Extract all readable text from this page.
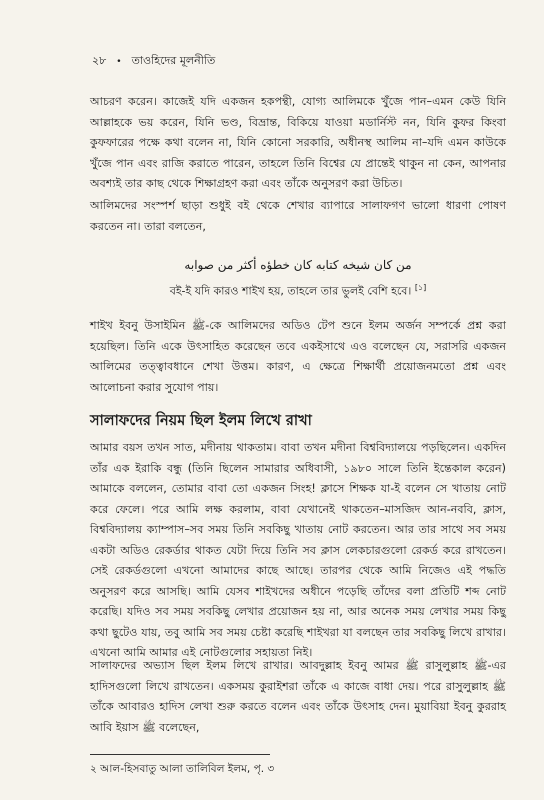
২৮ • তাওহিদের মূলনীতি

আচরণ করেন। কাজেই যদি একজন হকপন্থী, যোগ্য আলিমকে খুঁজে পান–এমন কেউ যিনি আল্লাহকে ভয় করেন, যিনি ভণ্ড, বিভ্রান্ত, বিকিয়ে যাওয়া মডার্নিস্ট নন, যিনি কুফর কিংবা কুফফারের পক্ষে কথা বলেন না, যিনি কোনো সরকারি, অধীনস্থ আলিম না–যদি এমন কাউকে খুঁজে পান এবং রাজি করাতে পারেন, তাহলে তিনি বিশ্বের যে প্রান্তেই থাকুন না কেন, আপনার অবশ্যই তার কাছ থেকে শিক্ষাগ্রহণ করা এবং তাঁকে অনুসরণ করা উচিত।

আলিমদের সংস্পর্শ ছাড়া শুধুই বই থেকে শেখার ব্যাপারে সালাফগণ ভালো ধারণা পোষণ করতেন না। তারা বলতেন,

من كان شيخه كتابه كان خطؤه أكثر من صوابه
বই-ই যদি কারও শাইখ হয়, তাহলে তার ভুলই বেশি হবে। [১]

শাইখ ইবনু উসাইমিন ﷺ-কে আলিমদের অডিও টেপ শুনে ইলম অর্জন সম্পর্কে প্রশ্ন করা হয়েছিল। তিনি একে উৎসাহিত করেছেন তবে একইসাথে এও বলেছেন যে, সরাসরি একজন আলিমের তত্ত্বাবধানে শেখা উত্তম। কারণ, এ ক্ষেত্রে শিক্ষার্থী প্রয়োজনমতো প্রশ্ন এবং আলোচনা করার সুযোগ পায়।

সালাফদের নিয়ম ছিল ইলম লিখে রাখা

আমার বয়স তখন সাত, মদীনায় থাকতাম। বাবা তখন মদীনা বিশ্ববিদ্যালয়ে পড়ছিলেন। একদিন তাঁর এক ইরাকি বন্ধু (তিনি ছিলেন সামারার অধিবাসী, ১৯৮০ সালে তিনি ইন্তেকাল করেন) আমাকে বললেন, তোমার বাবা তো একজন সিংহ! ক্লাসে শিক্ষক যা-ই বলেন সে খাতায় নোট করে ফেলে। পরে আমি লক্ষ করলাম, বাবা যেখানেই থাকতেন–মাসজিদ আন-নববি, ক্লাস, বিশ্ববিদ্যালয় ক্যাম্পাস–সব সময় তিনি সবকিছু খাতায় নোট করতেন। আর তার সাথে সব সময় একটা অডিও রেকর্ডার থাকত যেটা দিয়ে তিনি সব ক্লাস লেকচারগুলো রেকর্ড করে রাখতেন। সেই রেকর্ডগুলো এখনো আমাদের কাছে আছে। তারপর থেকে আমি নিজেও এই পদ্ধতি অনুসরণ করে আসছি। আমি যেসব শাইখদের অধীনে পড়েছি তাঁদের বলা প্রতিটি শব্দ নোট করেছি। যদিও সব সময় সবকিছু লেখার প্রয়োজন হয় না, আর অনেক সময় লেখার সময় কিছু কথা ছুটেও যায়, তবু আমি সব সময় চেষ্টা করেছি শাইখরা যা বলছেন তার সবকিছু লিখে রাখার। এখনো আমি আমার এই নোটগুলোর সহায়তা নিই।

সালাফদের অভ্যাস ছিল ইলম লিখে রাখার। আবদুল্লাহ ইবনু আমর ﷺ রাসুলুল্লাহ ﷺ-এর হাদিসগুলো লিখে রাখতেন। একসময় কুরাইশরা তাঁকে এ কাজে বাধা দেয়। পরে রাসুলুল্লাহ ﷺ তাঁকে আবারও হাদিস লেখা শুরু করতে বলেন এবং তাঁকে উৎসাহ দেন। মুয়াবিয়া ইবনু কুররাহ আবি ইয়াস ﷺ বলেছেন,

২ আল-হিসবাতু আলা তালিবিল ইলম, পৃ. ৩
